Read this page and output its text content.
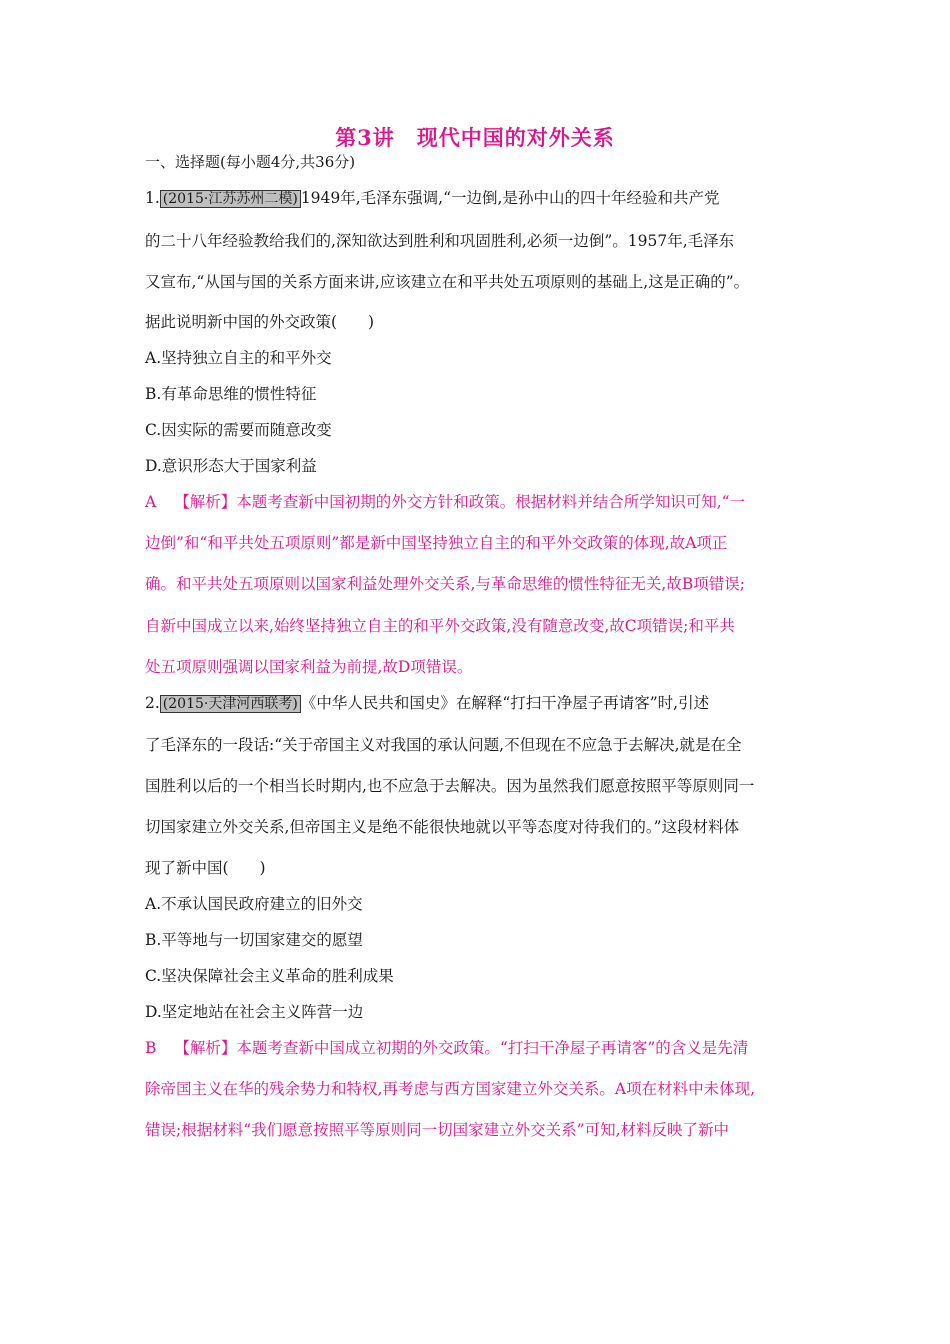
第3讲　现代中国的对外关系
一、选择题(每小题4分,共36分)
1. (2015·江苏苏州二模) 1949年,毛泽东强调,“一边倒,是孙中山的四十年经验和共产党
的二十八年经验教给我们的,深知欲达到胜利和巩固胜利,必须一边倒”。1957年,毛泽东
又宣布,“从国与国的关系方面来讲,应该建立在和平共处五项原则的基础上,这是正确的”。
据此说明新中国的外交政策(　　)
A.坚持独立自主的和平外交
B.有革命思维的惯性特征
C.因实际的需要而随意改变
D.意识形态大于国家利益
A 【解析】本题考查新中国初期的外交方针和政策。根据材料并结合所学知识可知,“一
边倒”和“和平共处五项原则”都是新中国坚持独立自主的和平外交政策的体现,故A项正
确。和平共处五项原则以国家利益处理外交关系,与革命思维的惯性特征无关,故B项错误;
自新中国成立以来,始终坚持独立自主的和平外交政策,没有随意改变,故C项错误;和平共
处五项原则强调以国家利益为前提,故D项错误。
2. (2015·天津河西联考) 《中华人民共和国史》在解释“打扫干净屋子再请客”时,引述
了毛泽东的一段话:“关于帝国主义对我国的承认问题,不但现在不应急于去解决,就是在全
国胜利以后的一个相当长时期内,也不应急于去解决。因为虽然我们愿意按照平等原则同一
切国家建立外交关系,但帝国主义是绝不能很快地就以平等态度对待我们的。”这段材料体
现了新中国(　　)
A.不承认国民政府建立的旧外交
B.平等地与一切国家建交的愿望
C.坚决保障社会主义革命的胜利成果
D.坚定地站在社会主义阵营一边
B 【解析】本题考查新中国成立初期的外交政策。“打扫干净屋子再请客”的含义是先清
除帝国主义在华的残余势力和特权,再考虑与西方国家建立外交关系。A项在材料中未体现,
错误;根据材料“我们愿意按照平等原则同一切国家建立外交关系”可知,材料反映了新中
